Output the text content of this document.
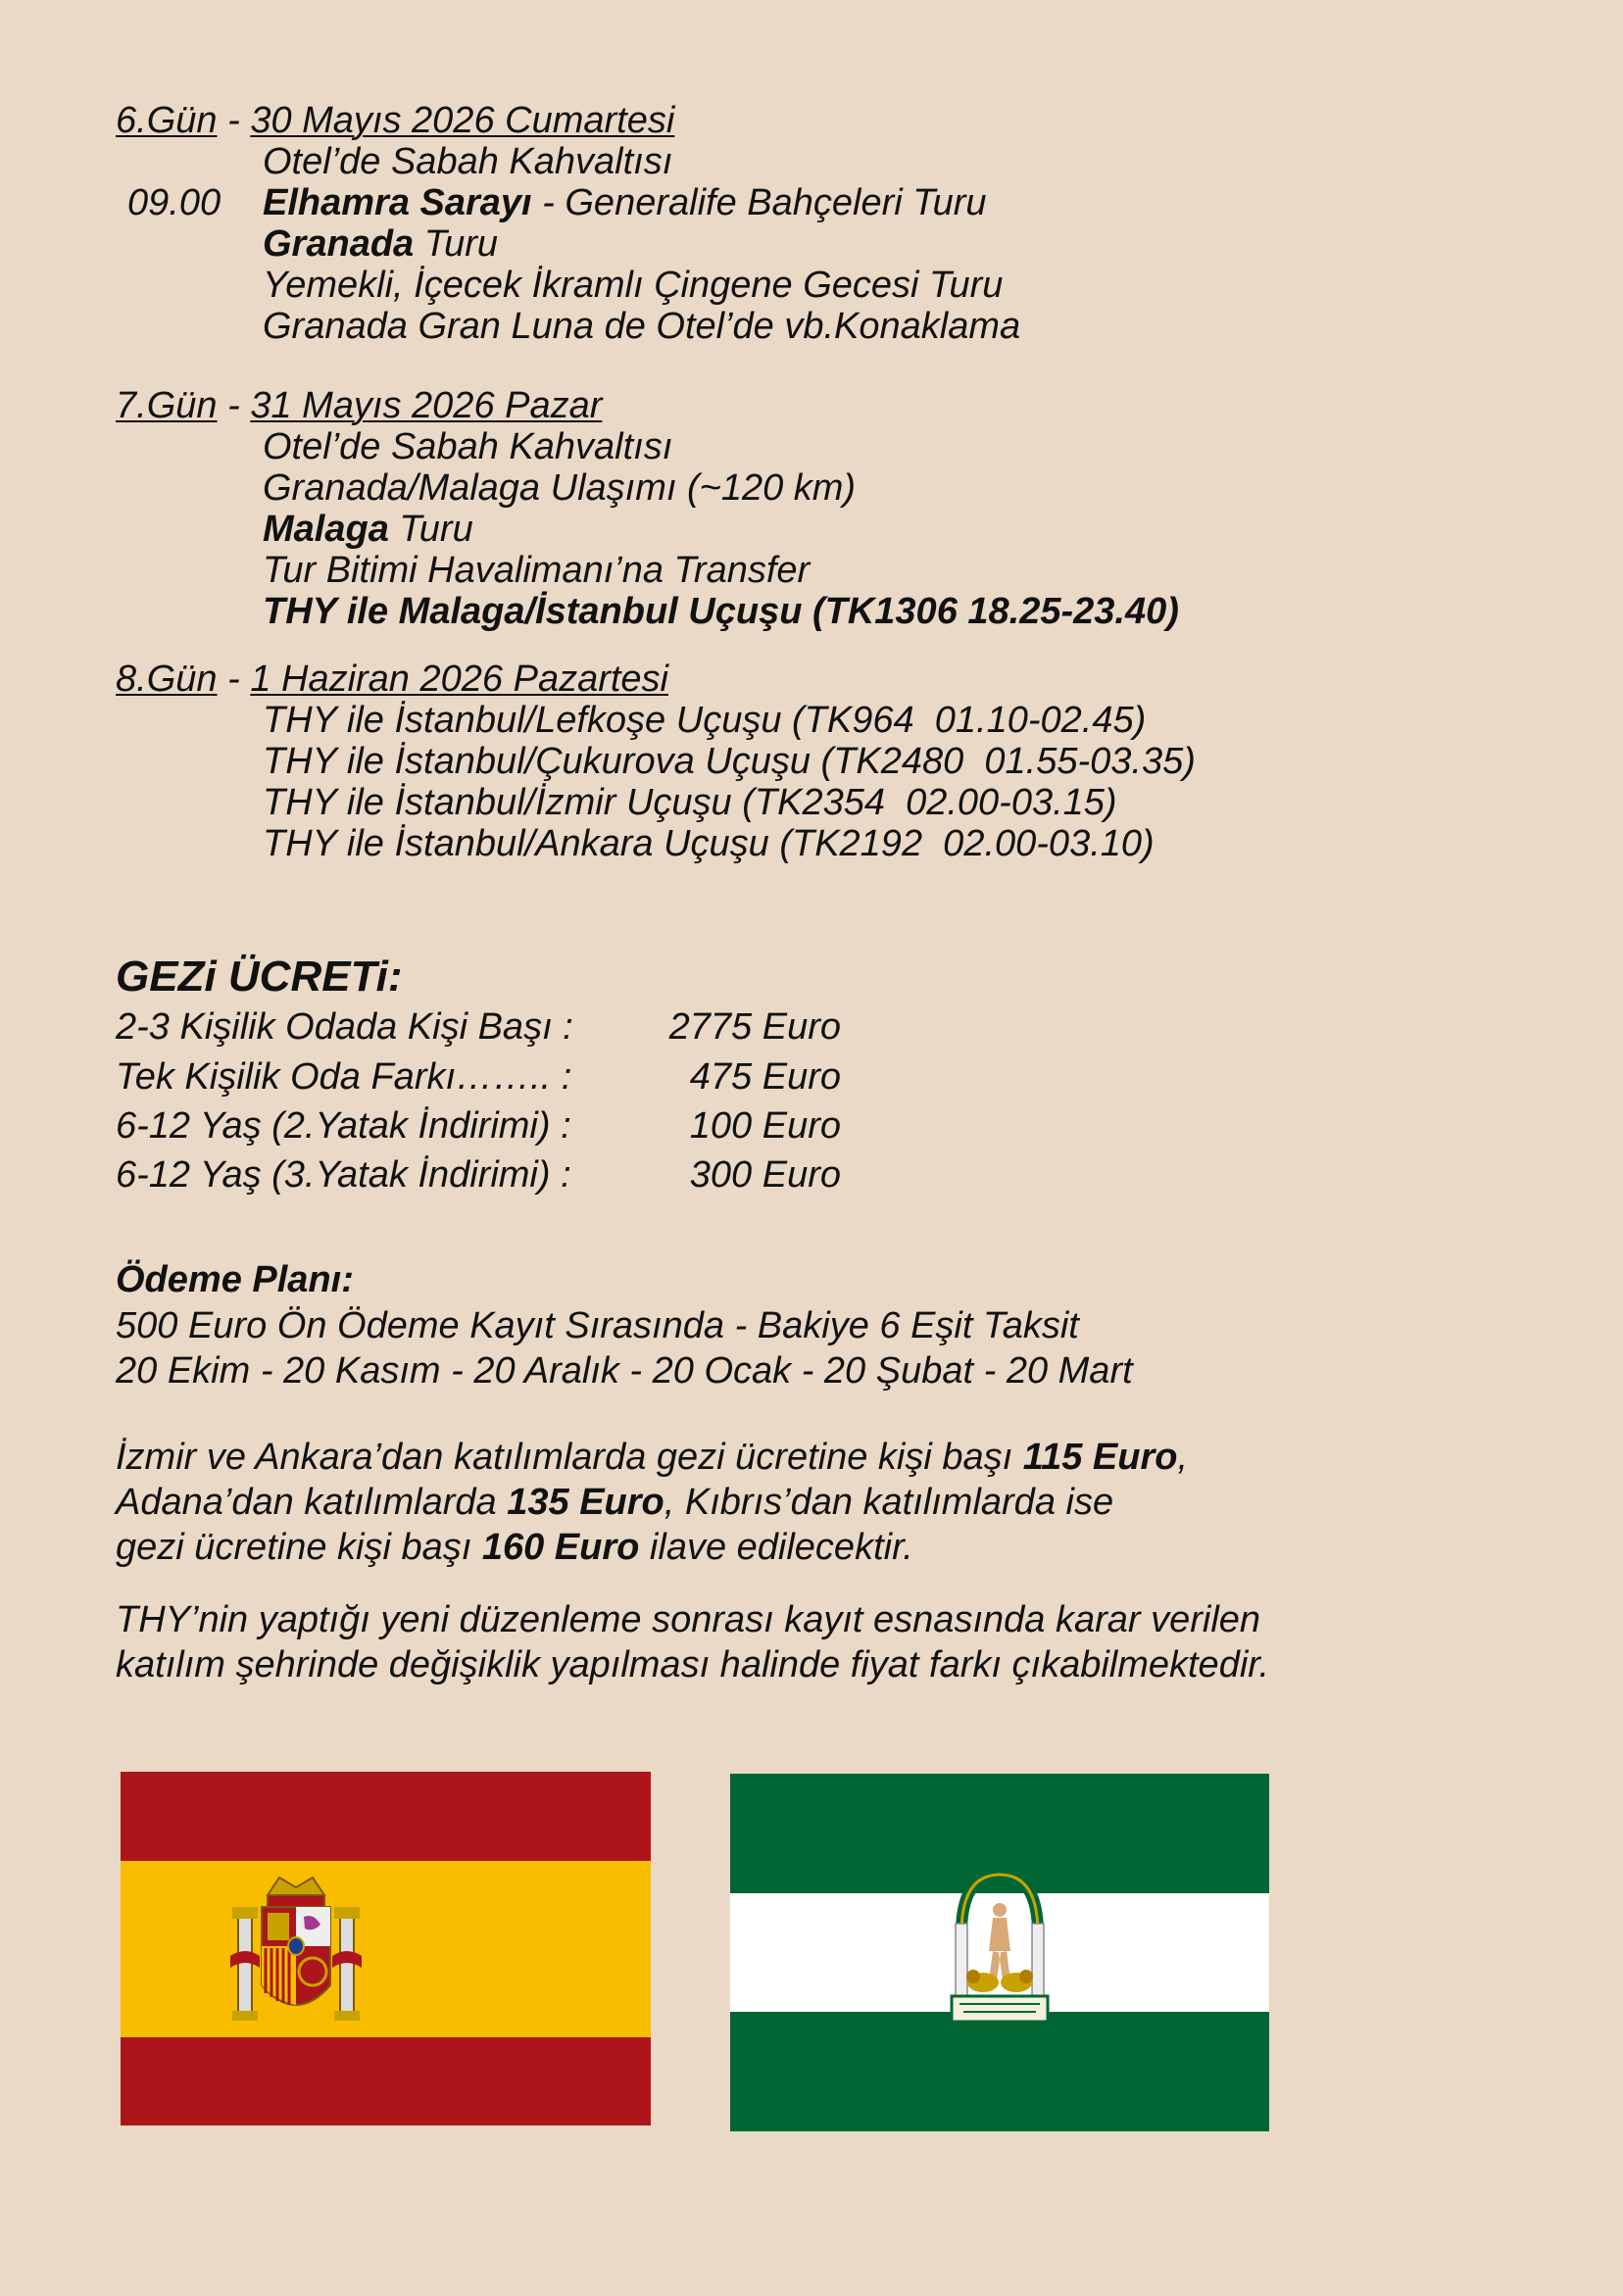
6.Gün - 30 Mayıs 2026 Cumartesi
Otel’de Sabah Kahvaltısı
09.00 Elhamra Sarayı - Generalife Bahçeleri Turu
Granada Turu
Yemekli, İçecek İkramlı Çingene Gecesi Turu
Granada Gran Luna de Otel’de vb.Konaklama
7.Gün - 31 Mayıs 2026 Pazar
Otel’de Sabah Kahvaltısı
Granada/Malaga Ulaşımı (~120 km)
Malaga Turu
Tur Bitimi Havalimanı’na Transfer
THY ile Malaga/İstanbul Uçuşu (TK1306 18.25-23.40)
8.Gün - 1 Haziran 2026 Pazartesi
THY ile İstanbul/Lefkoşe Uçuşu (TK964  01.10-02.45)
THY ile İstanbul/Çukurova Uçuşu (TK2480  01.55-03.35)
THY ile İstanbul/İzmir Uçuşu (TK2354  02.00-03.15)
THY ile İstanbul/Ankara Uçuşu (TK2192  02.00-03.10)
GEZi ÜCRETi:
2-3 Kişilik Odada Kişi Başı :	2775 Euro
Tek Kişilik Oda Farkı…….. :	475 Euro
6-12 Yaş (2.Yatak İndirimi) :	100 Euro
6-12 Yaş (3.Yatak İndirimi) :	300 Euro
Ödeme Planı:
500 Euro Ön Ödeme Kayıt Sırasında - Bakiye 6 Eşit Taksit
20 Ekim - 20 Kasım - 20 Aralık - 20 Ocak - 20 Şubat - 20 Mart
İzmir ve Ankara’dan katılımlarda gezi ücretine kişi başı 115 Euro,
Adana’dan katılımlarda 135 Euro, Kıbrıs’dan katılımlarda ise
gezi ücretine kişi başı 160 Euro ilave edilecektir.
THY’nin yaptığı yeni düzenleme sonrası kayıt esnasında karar verilen
katılım şehrinde değişiklik yapılması halinde fiyat farkı çıkabilmektedir.
